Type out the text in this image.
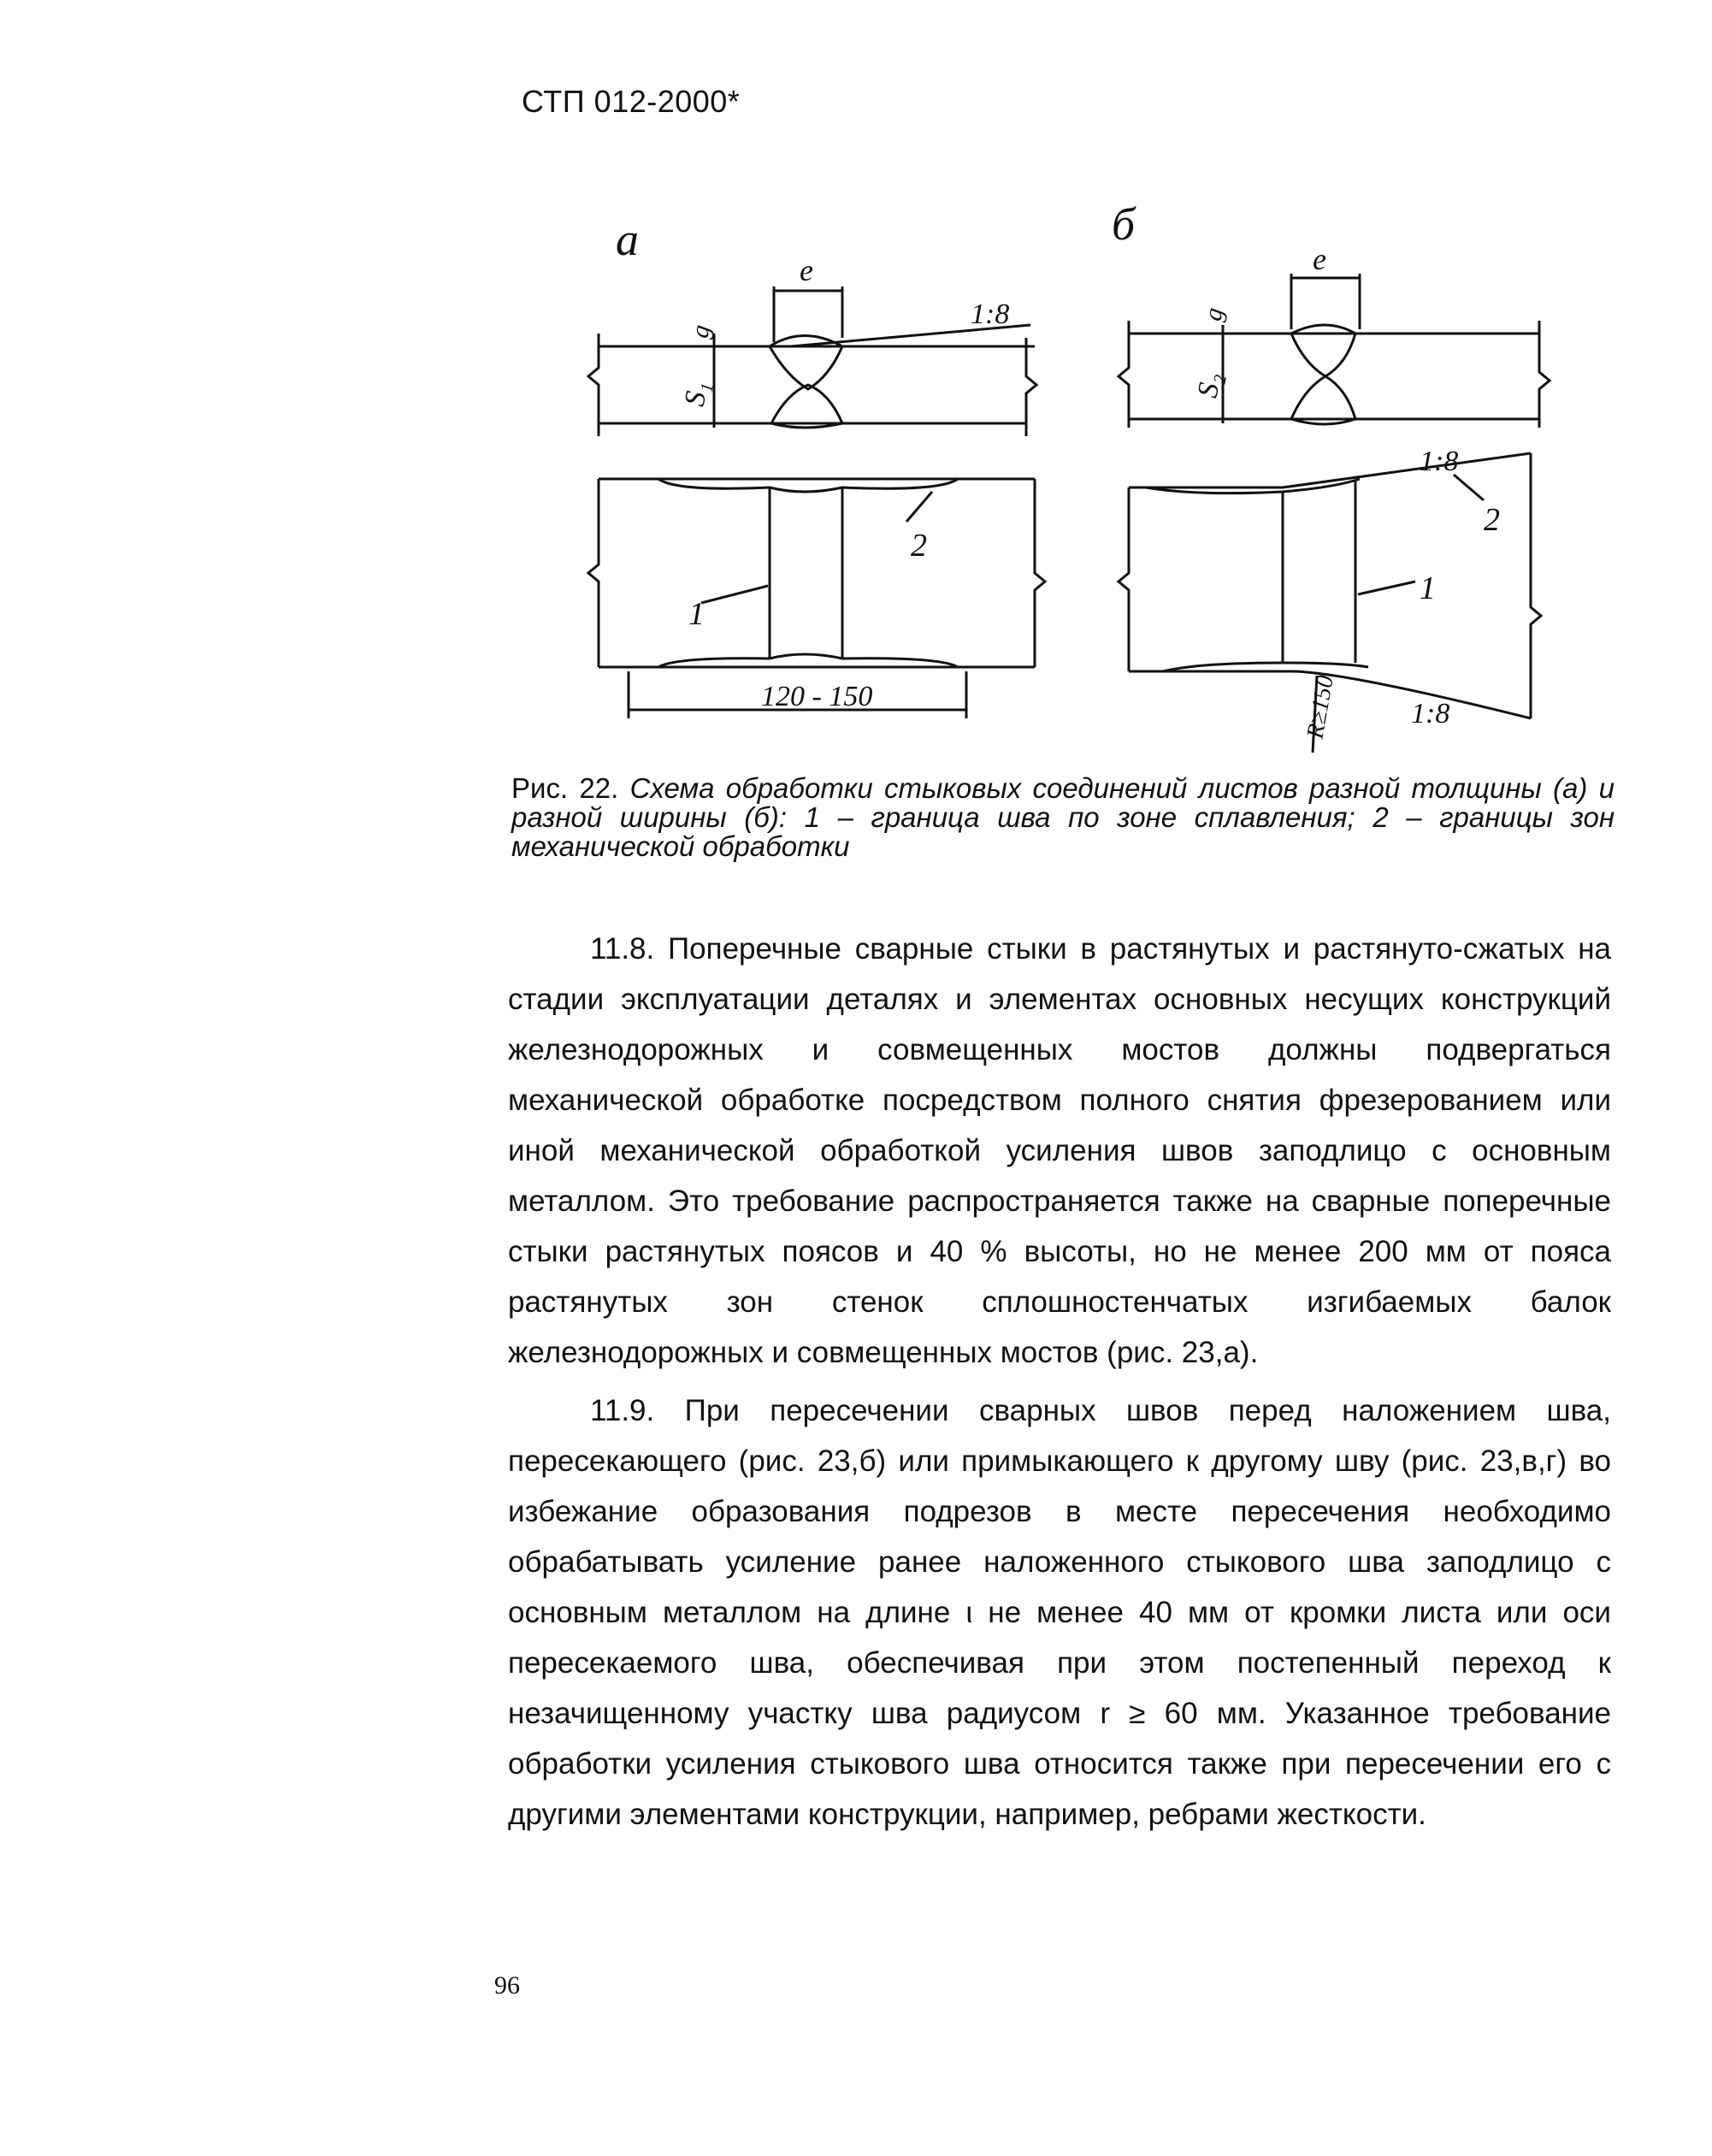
СТП 012-2000*
а	б
e
1:8
S₁
g
1
2
120 - 150
e
S₂
g
1:8
1:8
1
2
R≥150
Рис. 22. Схема обработки стыковых соединений листов разной толщины (а) и разной ширины (б): 1 – граница шва по зоне сплавления; 2 – границы зон механической обработки
11.8. Поперечные сварные стыки в растянутых и растянуто-сжатых на стадии эксплуатации деталях и элементах основных несущих конструкций железнодорожных и совмещенных мостов должны подвергаться механической обработке посредством полного снятия фрезерованием или иной механической обработкой усиления швов заподлицо с основным металлом. Это требование распространяется также на сварные поперечные стыки растянутых поясов и 40 % высоты, но не менее 200 мм от пояса растянутых зон стенок сплошностенчатых изгибаемых балок железнодорожных и совмещенных мостов (рис. 23,а).
11.9. При пересечении сварных швов перед наложением шва, пересекающего (рис. 23,б) или примыкающего к другому шву (рис. 23,в,г) во избежание образования подрезов в месте пересечения необходимо обрабатывать усиление ранее наложенного стыкового шва заподлицо с основным металлом на длине ι не менее 40 мм от кромки листа или оси пересекаемого шва, обеспечивая при этом постепенный переход к незачищенному участку шва радиусом r ≥ 60 мм. Указанное требование обработки усиления стыкового шва относится также при пересечении его с другими элементами конструкции, например, ребрами жесткости.
96
